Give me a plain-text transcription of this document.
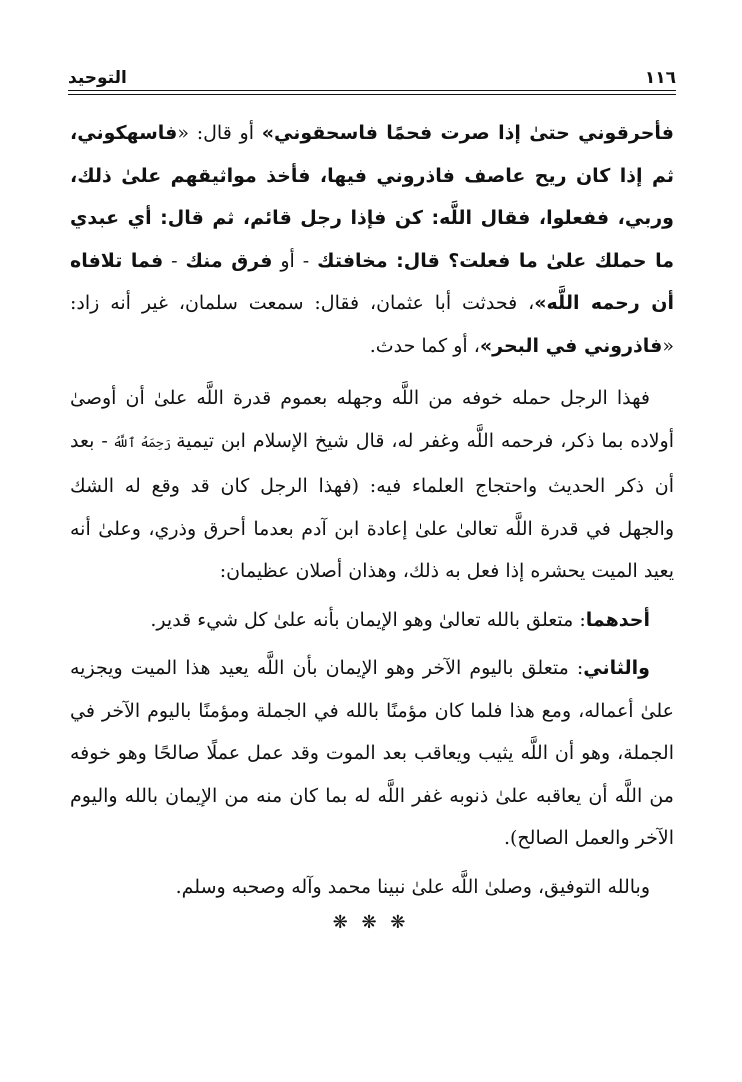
١١٦
التوحيد

فأحرقوني حتىٰ إذا صرت فحمًا فاسحقوني» أو قال: «فاسهكوني، ثم إذا كان ريح عاصف فاذروني فيها، فأخذ مواثيقهم علىٰ ذلك، وربي، ففعلوا، فقال اللَّه: كن فإذا رجل قائم، ثم قال: أي عبدي ما حملك علىٰ ما فعلت؟ قال: مخافتك - أو فرق منك - فما تلافاه أن رحمه اللَّه»، فحدثت أبا عثمان، فقال: سمعت سلمان، غير أنه زاد: «فاذروني في البحر»، أو كما حدث.

فهذا الرجل حمله خوفه من اللَّه وجهله بعموم قدرة اللَّه علىٰ أن أوصىٰ أولاده بما ذكر، فرحمه اللَّه وغفر له، قال شيخ الإسلام ابن تيمية رَحِمَهُ ٱللَّهُ - بعد أن ذكر الحديث واحتجاج العلماء فيه: (فهذا الرجل كان قد وقع له الشك والجهل في قدرة اللَّه تعالىٰ علىٰ إعادة ابن آدم بعدما أحرق وذري، وعلىٰ أنه يعيد الميت يحشره إذا فعل به ذلك، وهذان أصلان عظيمان:

أحدهما: متعلق بالله تعالىٰ وهو الإيمان بأنه علىٰ كل شيء قدير.

والثاني: متعلق باليوم الآخر وهو الإيمان بأن اللَّه يعيد هذا الميت ويجزيه علىٰ أعماله، ومع هذا فلما كان مؤمنًا بالله في الجملة ومؤمنًا باليوم الآخر في الجملة، وهو أن اللَّه يثيب ويعاقب بعد الموت وقد عمل عملًا صالحًا وهو خوفه من اللَّه أن يعاقبه علىٰ ذنوبه غفر اللَّه له بما كان منه من الإيمان بالله واليوم الآخر والعمل الصالح).

وبالله التوفيق، وصلىٰ اللَّه علىٰ نبينا محمد وآله وصحبه وسلم.

❋ ❋ ❋
